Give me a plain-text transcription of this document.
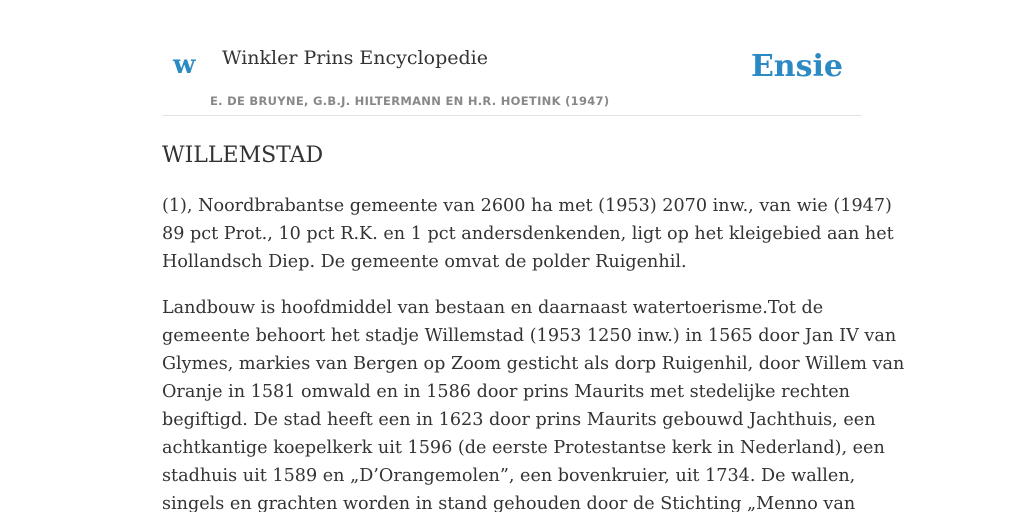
w Winkler Prins Encyclopedie
E. DE BRUYNE, G.B.J. HILTERMANN EN H.R. HOETINK (1947)
Ensie
WILLEMSTAD

(1), Noordbrabantse gemeente van 2600 ha met (1953) 2070 inw., van wie (1947)
89 pct Prot., 10 pct R.K. en 1 pct andersdenkenden, ligt op het kleigebied aan het
Hollandsch Diep. De gemeente omvat de polder Ruigenhil.

Landbouw is hoofdmiddel van bestaan en daarnaast watertoerisme.Tot de
gemeente behoort het stadje Willemstad (1953 1250 inw.) in 1565 door Jan IV van
Glymes, markies van Bergen op Zoom gesticht als dorp Ruigenhil, door Willem van
Oranje in 1581 omwald en in 1586 door prins Maurits met stedelijke rechten
begiftigd. De stad heeft een in 1623 door prins Maurits gebouwd Jachthuis, een
achtkantige koepelkerk uit 1596 (de eerste Protestantse kerk in Nederland), een
stadhuis uit 1589 en „D’Orangemolen”, een bovenkruier, uit 1734. De wallen,
singels en grachten worden in stand gehouden door de Stichting „Menno van
